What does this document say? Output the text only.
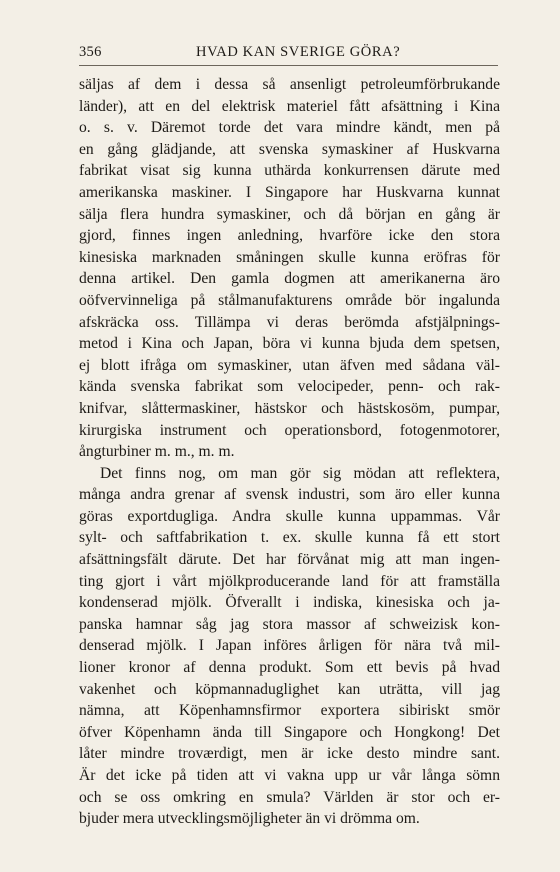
356	HVAD KAN SVERIGE GÖRA?
säljas af dem i dessa så ansenligt petroleumförbrukande
länder), att en del elektrisk materiel fått afsättning i Kina
o. s. v. Däremot torde det vara mindre kändt, men på
en gång glädjande, att svenska symaskiner af Huskvarna
fabrikat visat sig kunna uthärda konkurrensen därute med
amerikanska maskiner. I Singapore har Huskvarna kunnat
sälja flera hundra symaskiner, och då början en gång är
gjord, finnes ingen anledning, hvarföre icke den stora
kinesiska marknaden småningen skulle kunna eröfras för
denna artikel. Den gamla dogmen att amerikanerna äro
oöfvervinneliga på stålmanufakturens område bör ingalunda
afskräcka oss. Tillämpa vi deras berömda afstjälpnings-
metod i Kina och Japan, böra vi kunna bjuda dem spetsen,
ej blott ifråga om symaskiner, utan äfven med sådana väl-
kända svenska fabrikat som velocipeder, penn- och rak-
knifvar, slåttermaskiner, hästskor och hästskosöm, pumpar,
kirurgiska instrument och operationsbord, fotogenmotorer,
ångturbiner m. m., m. m.
Det finns nog, om man gör sig mödan att reflektera,
många andra grenar af svensk industri, som äro eller kunna
göras exportdugliga. Andra skulle kunna uppammas. Vår
sylt- och saftfabrikation t. ex. skulle kunna få ett stort
afsättningsfält därute. Det har förvånat mig att man ingen-
ting gjort i vårt mjölkproducerande land för att framställa
kondenserad mjölk. Öfverallt i indiska, kinesiska och ja-
panska hamnar såg jag stora massor af schweizisk kon-
denserad mjölk. I Japan införes årligen för nära två mil-
lioner kronor af denna produkt. Som ett bevis på hvad
vakenhet och köpmannaduglighet kan uträtta, vill jag
nämna, att Köpenhamnsfirmor exportera sibiriskt smör
öfver Köpenhamn ända till Singapore och Hongkong! Det
låter mindre troværdigt, men är icke desto mindre sant.
Är det icke på tiden att vi vakna upp ur vår långa sömn
och se oss omkring en smula? Världen är stor och er-
bjuder mera utvecklingsmöjligheter än vi drömma om.
